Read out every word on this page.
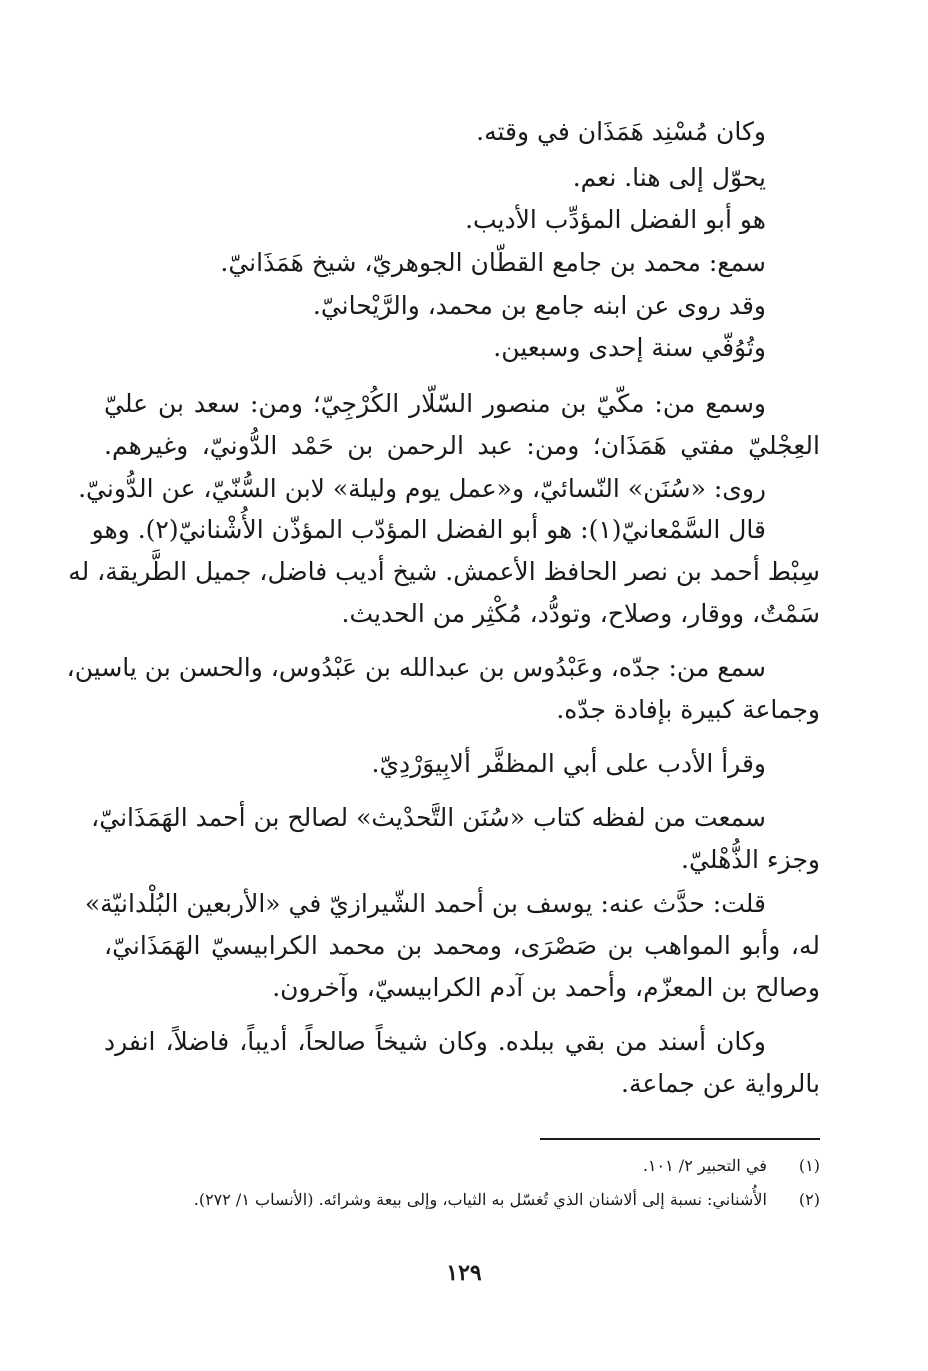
وكان مُسْنِد هَمَذَان في وقته.
يحوّل إلى هنا. نعم.
هو أبو الفضل المؤدِّب الأديب.
سمع: محمد بن جامع القطّان الجوهريّ، شيخ هَمَذَانيّ.
وقد روى عن ابنه جامع بن محمد، والرَّيْحانيّ.
وتُوُفّي سنة إحدى وسبعين.
وسمع من: مكّيّ بن منصور السّلّار الكُرْجِيّ؛ ومن: سعد بن عليّ
العِجْليّ مفتي هَمَذَان؛ ومن: عبد الرحمن بن حَمْد الدُّونيّ، وغيرهم.
روى: «سُنَن» النّسائيّ، و«عمل يوم وليلة» لابن السُّنّيّ، عن الدُّونيّ.
قال السَّمْعانيّ(١): هو أبو الفضل المؤدّب المؤذّن الأُشْنانيّ(٢). وهو
سِبْط أحمد بن نصر الحافظ الأعمش. شيخ أديب فاضل، جميل الطَّريقة، له
سَمْتٌ، ووقار، وصلاح، وتودُّد، مُكْثِر من الحديث.
سمع من: جدّه، وعَبْدُوس بن عبدالله بن عَبْدُوس، والحسن بن ياسين،
وجماعة كبيرة بإفادة جدّه.
وقرأ الأدب على أبي المظفَّر ألابِيوَرْدِيّ.
سمعت من لفظه كتاب «سُنَن التَّحدْيث» لصالح بن أحمد الهَمَذَانيّ،
وجزء الذُّهْليّ.
قلت: حدَّث عنه: يوسف بن أحمد الشّيرازيّ في «الأربعين البُلْدانيّة»
له، وأبو المواهب بن صَصْرَى، ومحمد بن محمد الكرابيسيّ الهَمَذَانيّ،
وصالح بن المعزّم، وأحمد بن آدم الكرابيسيّ، وآخرون.
وكان أسند من بقي ببلده. وكان شيخاً صالحاً، أديباً، فاضلاً، انفرد
بالرواية عن جماعة.
(١) في التحبير ٢/ ١٠١.
(٢) الأُشناني: نسبة إلى ألاشنان الذي تُغسّل به الثياب، وإلى بيعة وشرائه. (الأنساب ١/ ٢٧٢).
١٢٩
